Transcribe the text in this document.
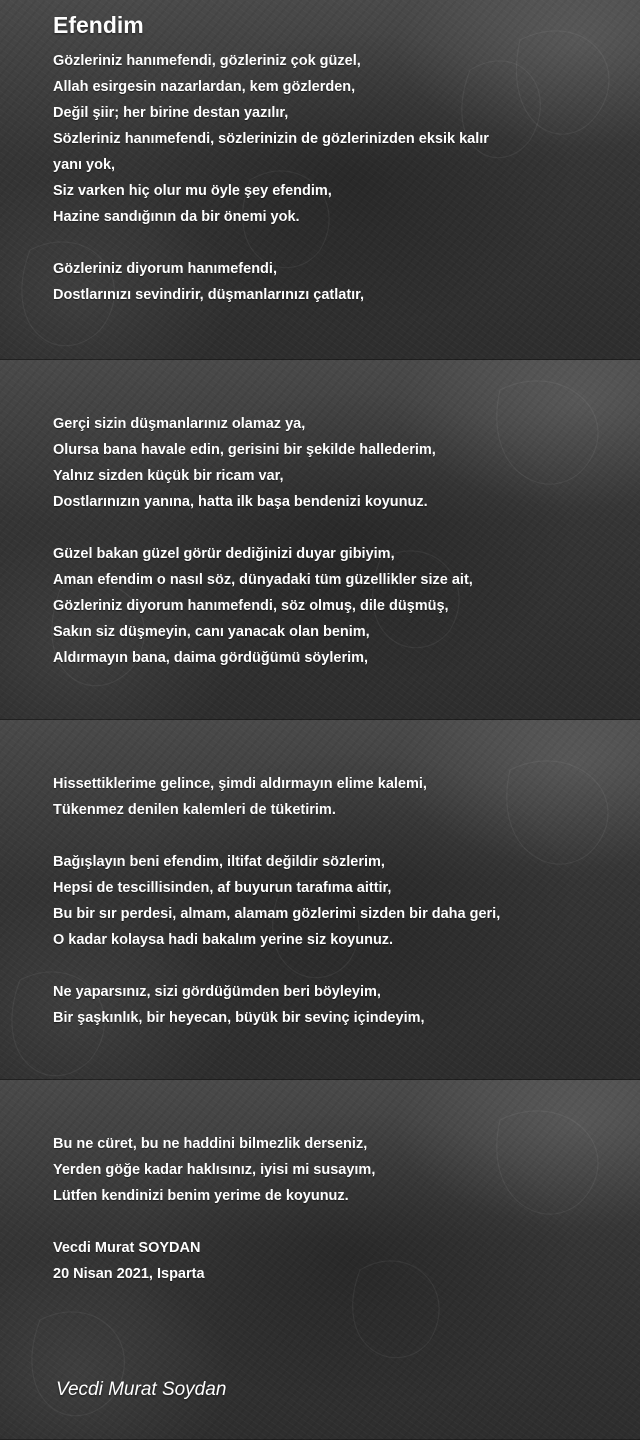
Efendim
Gözleriniz hanımefendi, gözleriniz çok güzel,
Allah esirgesin nazarlardan, kem gözlerden,
Değil şiir; her birine destan yazılır,
Sözleriniz hanımefendi, sözlerinizin de gözlerinizden eksik kalır
yanı yok,
Siz varken hiç olur mu öyle şey efendim,
Hazine sandığının da bir önemi yok.
Gözleriniz diyorum hanımefendi,
Dostlarınızı sevindirir, düşmanlarınızı çatlatır,
Gerçi sizin düşmanlarınız olamaz ya,
Olursa bana havale edin, gerisini bir şekilde hallederim,
Yalnız sizden küçük bir ricam var,
Dostlarınızın yanına, hatta ilk başa bendenizi koyunuz.
Güzel bakan güzel görür dediğinizi duyar gibiyim,
Aman efendim o nasıl söz, dünyadaki tüm güzellikler size ait,
Gözleriniz diyorum hanımefendi, söz olmuş, dile düşmüş,
Sakın siz düşmeyin, canı yanacak olan benim,
Aldırmayın bana, daima gördüğümü söylerim,
Hissettiklerime gelince, şimdi aldırmayın elime kalemi,
Tükenmez denilen kalemleri de tüketirim.
Bağışlayın beni efendim, iltifat değildir sözlerim,
Hepsi de tescillisinden, af buyurun tarafıma aittir,
Bu bir sır perdesi, almam, alamam gözlerimi sizden bir daha geri,
O kadar kolaysa hadi bakalım yerine siz koyunuz.
Ne yaparsınız, sizi gördüğümden beri böyleyim,
Bir şaşkınlık, bir heyecan, büyük bir sevinç içindeyim,
Bu ne cüret, bu ne haddini bilmezlik derseniz,
Yerden göğe kadar haklısınız, iyisi mi susayım,
Lütfen kendinizi benim yerime de koyunuz.
Vecdi Murat SOYDAN
20 Nisan 2021, Isparta
Vecdi Murat Soydan
